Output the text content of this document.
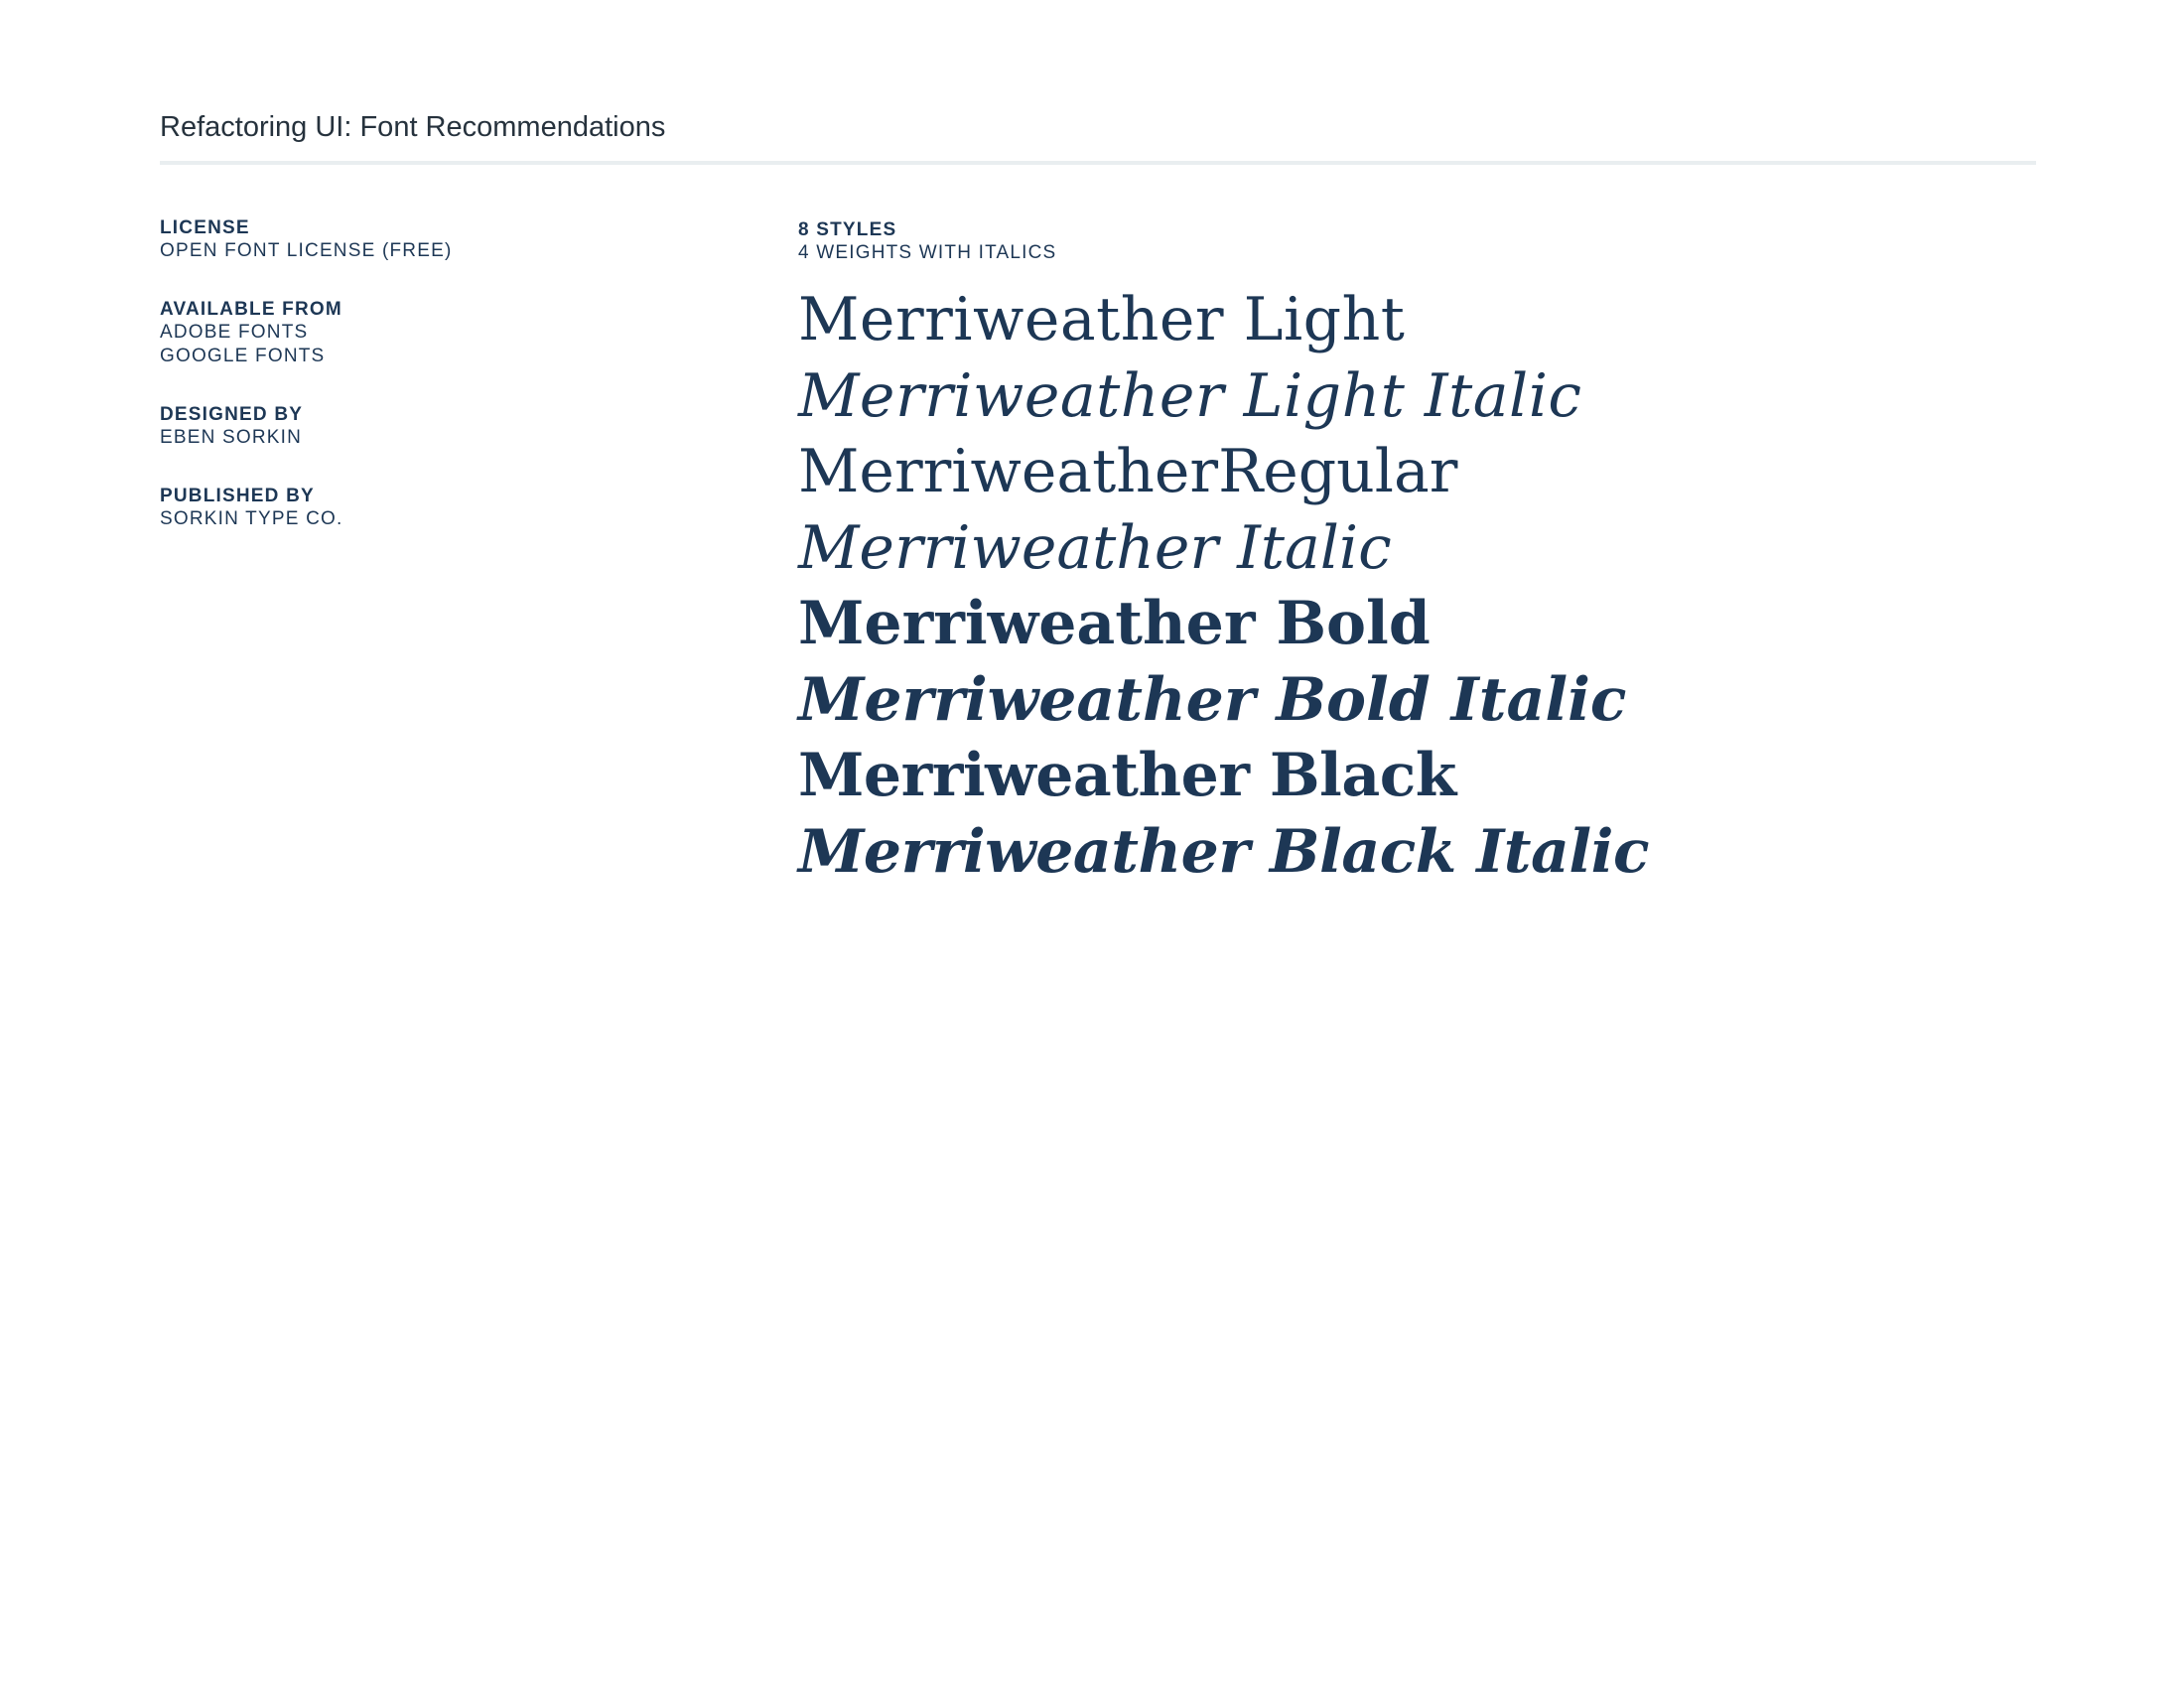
Refactoring UI: Font Recommendations
LICENSE
OPEN FONT LICENSE (FREE)
AVAILABLE FROM
ADOBE FONTS
GOOGLE FONTS
DESIGNED BY
EBEN SORKIN
PUBLISHED BY
SORKIN TYPE CO.
8 STYLES
4 WEIGHTS WITH ITALICS
Merriweather Light
Merriweather Light Italic
MerriweatherRegular
Merriweather Italic
Merriweather Bold
Merriweather Bold Italic
Merriweather Black
Merriweather Black Italic
